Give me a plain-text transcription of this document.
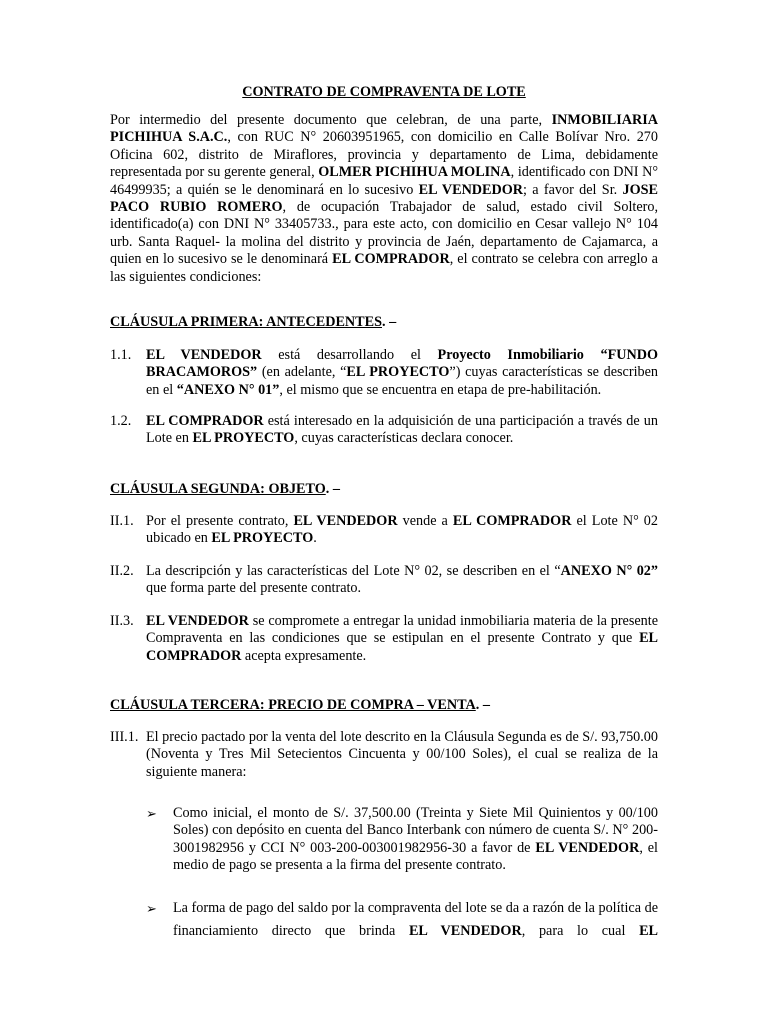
CONTRATO DE COMPRAVENTA DE LOTE
Por intermedio del presente documento que celebran, de una parte, INMOBILIARIA PICHIHUA S.A.C., con RUC N° 20603951965, con domicilio en Calle Bolívar Nro. 270 Oficina 602, distrito de Miraflores, provincia y departamento de Lima, debidamente representada por su gerente general, OLMER PICHIHUA MOLINA, identificado con DNI N° 46499935; a quién se le denominará en lo sucesivo EL VENDEDOR; a favor del Sr. JOSE PACO RUBIO ROMERO, de ocupación Trabajador de salud, estado civil Soltero, identificado(a) con DNI N° 33405733., para este acto, con domicilio en Cesar vallejo N° 104 urb. Santa Raquel- la molina del distrito y provincia de Jaén, departamento de Cajamarca, a quien en lo sucesivo se le denominará EL COMPRADOR, el contrato se celebra con arreglo a las siguientes condiciones:
CLÁUSULA PRIMERA: ANTECEDENTES. –
1.1. EL VENDEDOR está desarrollando el Proyecto Inmobiliario “FUNDO BRACAMOROS” (en adelante, “EL PROYECTO”) cuyas características se describen en el “ANEXO N° 01”, el mismo que se encuentra en etapa de pre-habilitación.
1.2. EL COMPRADOR está interesado en la adquisición de una participación a través de un Lote en EL PROYECTO, cuyas características declara conocer.
CLÁUSULA SEGUNDA: OBJETO. –
II.1. Por el presente contrato, EL VENDEDOR vende a EL COMPRADOR el Lote N° 02 ubicado en EL PROYECTO.
II.2. La descripción y las características del Lote N° 02, se describen en el “ANEXO N° 02” que forma parte del presente contrato.
II.3. EL VENDEDOR se compromete a entregar la unidad inmobiliaria materia de la presente Compraventa en las condiciones que se estipulan en el presente Contrato y que EL COMPRADOR acepta expresamente.
CLÁUSULA TERCERA: PRECIO DE COMPRA – VENTA. –
III.1. El precio pactado por la venta del lote descrito en la Cláusula Segunda es de S/. 93,750.00 (Noventa y Tres Mil Setecientos Cincuenta y 00/100 Soles), el cual se realiza de la siguiente manera:
➢ Como inicial, el monto de S/. 37,500.00 (Treinta y Siete Mil Quinientos y 00/100 Soles) con depósito en cuenta del Banco Interbank con número de cuenta S/. N° 200-3001982956 y CCI N° 003-200-003001982956-30 a favor de EL VENDEDOR, el medio de pago se presenta a la firma del presente contrato.
➢ La forma de pago del saldo por la compraventa del lote se da a razón de la política de financiamiento directo que brinda EL VENDEDOR, para lo cual EL
